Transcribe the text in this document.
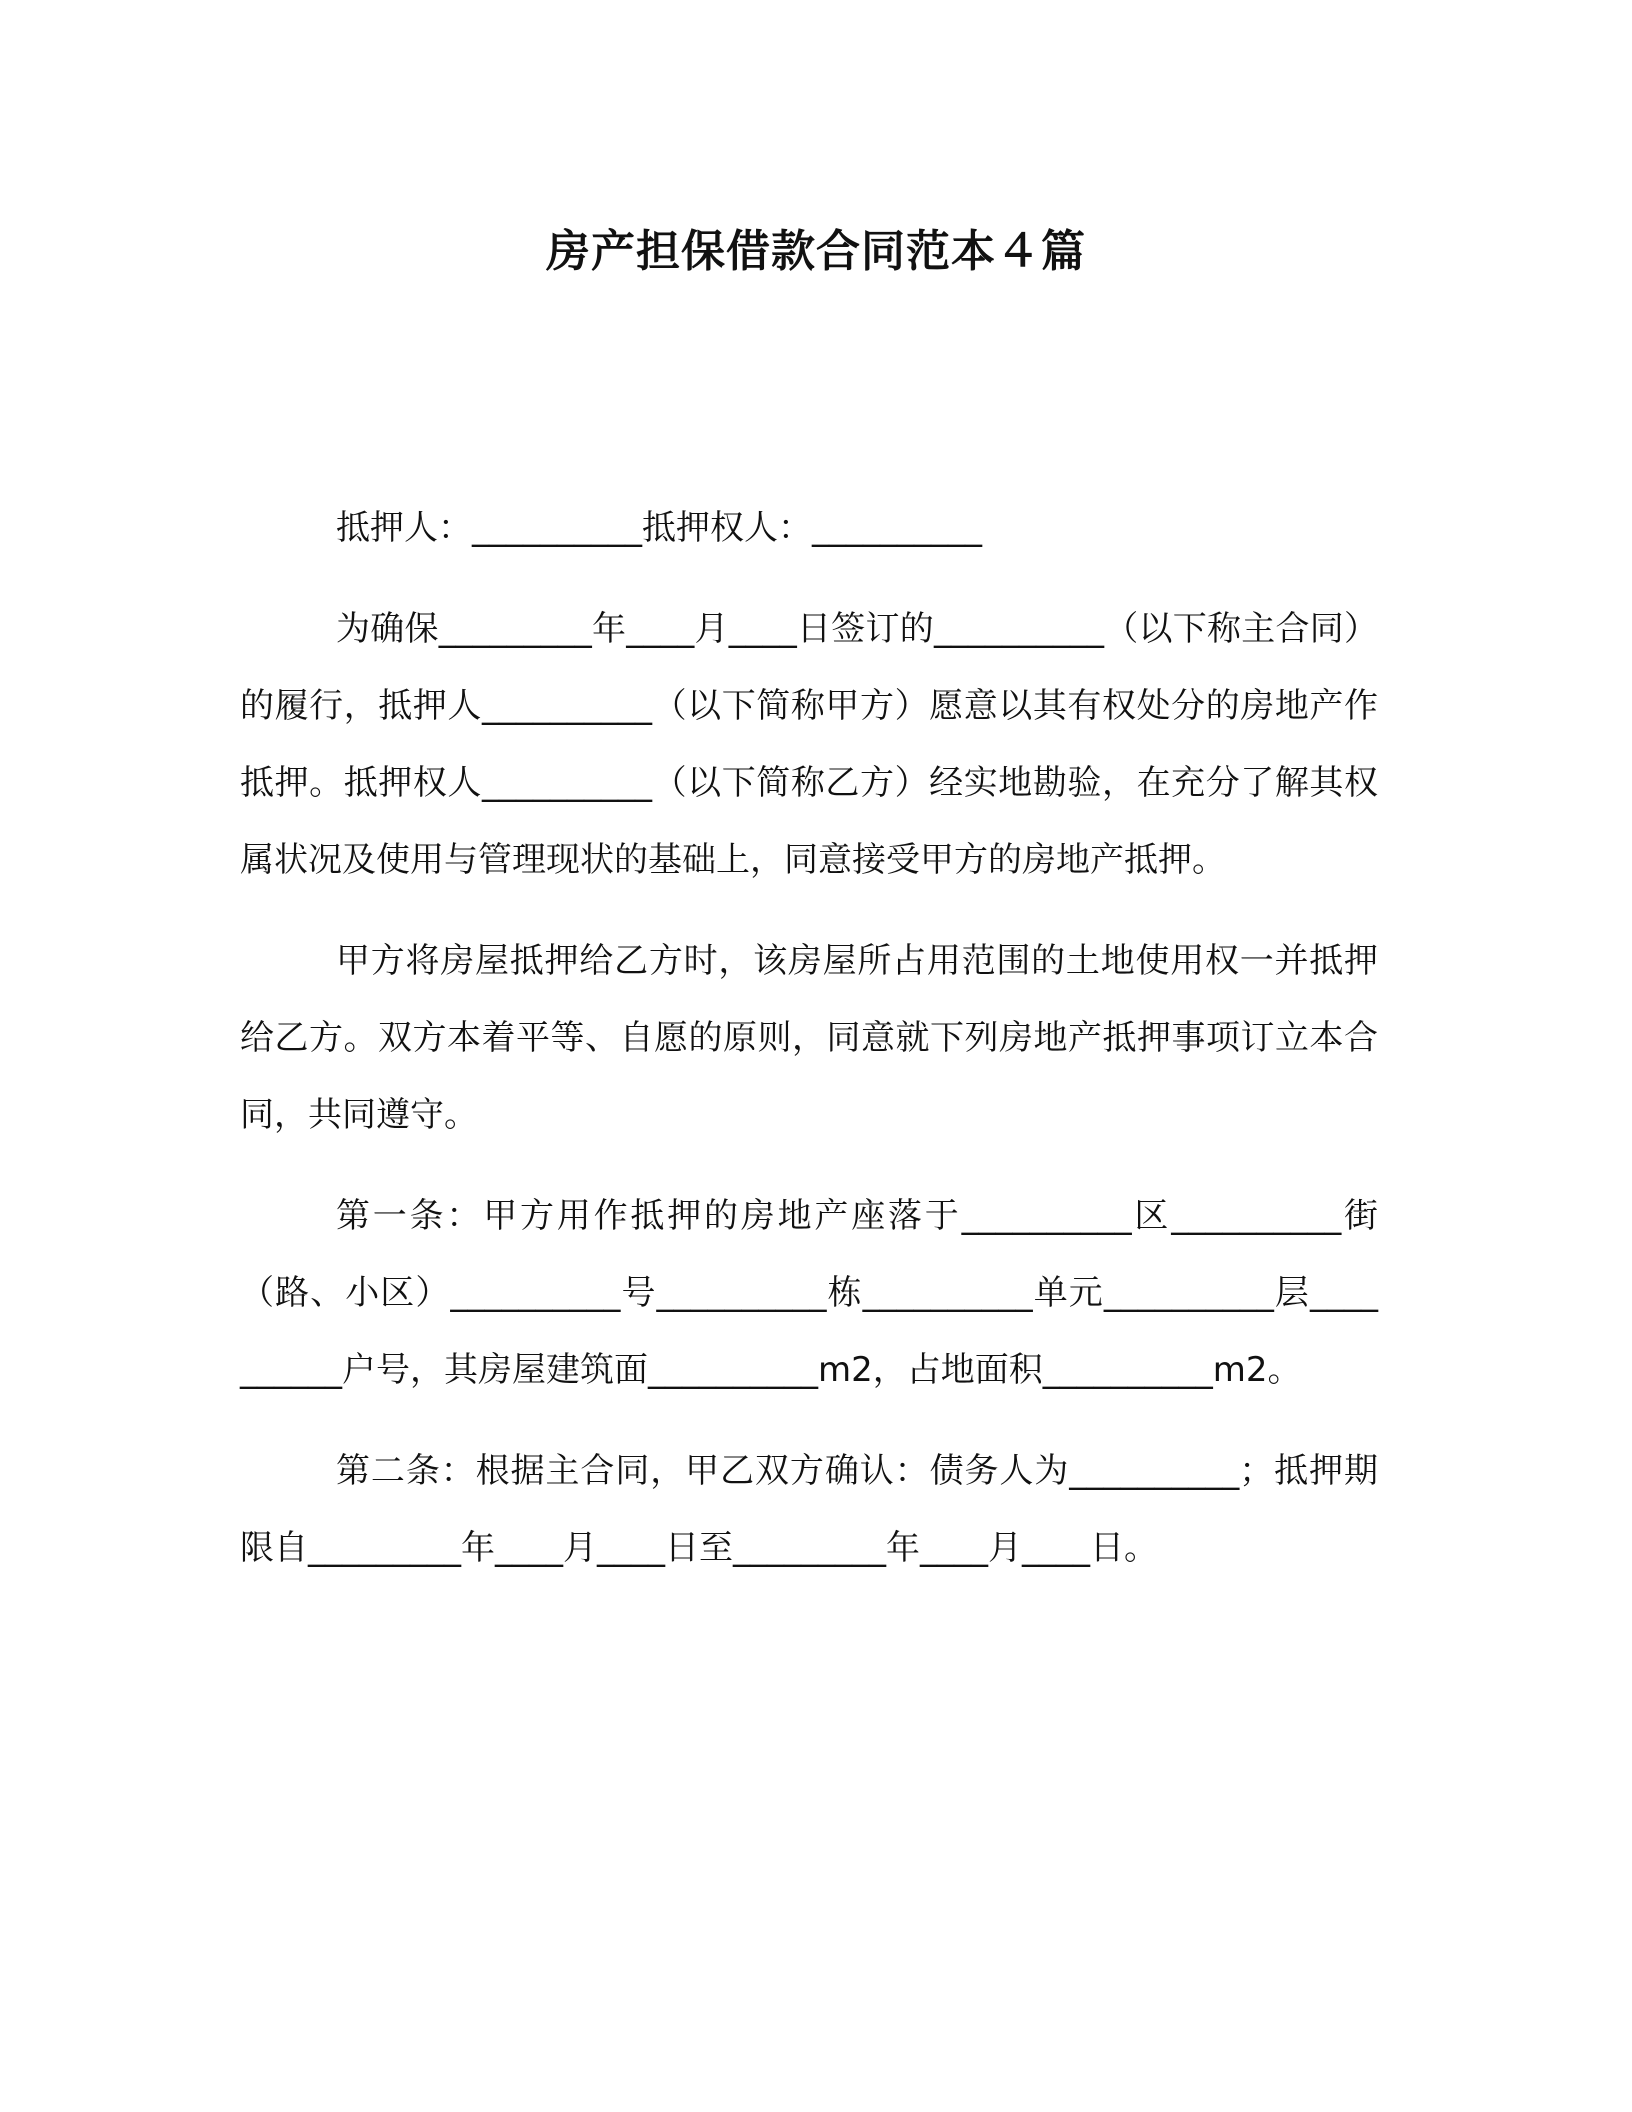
房产担保借款合同范本４篇

抵押人：__________抵押权人：__________

为确保_________年____月____日签订的__________（以下称主合同）的履行，抵押人__________（以下简称甲方）愿意以其有权处分的房地产作抵押。抵押权人__________（以下简称乙方）经实地勘验，在充分了解其权属状况及使用与管理现状的基础上，同意接受甲方的房地产抵押。

甲方将房屋抵押给乙方时，该房屋所占用范围的土地使用权一并抵押给乙方。双方本着平等、自愿的原则，同意就下列房地产抵押事项订立本合同，共同遵守。

第一条：甲方用作抵押的房地产座落于__________区__________街（路、小区）__________号__________栋__________单元__________层__________户号，其房屋建筑面__________m2，占地面积__________m2。

第二条：根据主合同，甲乙双方确认：债务人为__________；抵押期限自_________年____月____日至_________年____月____日。
